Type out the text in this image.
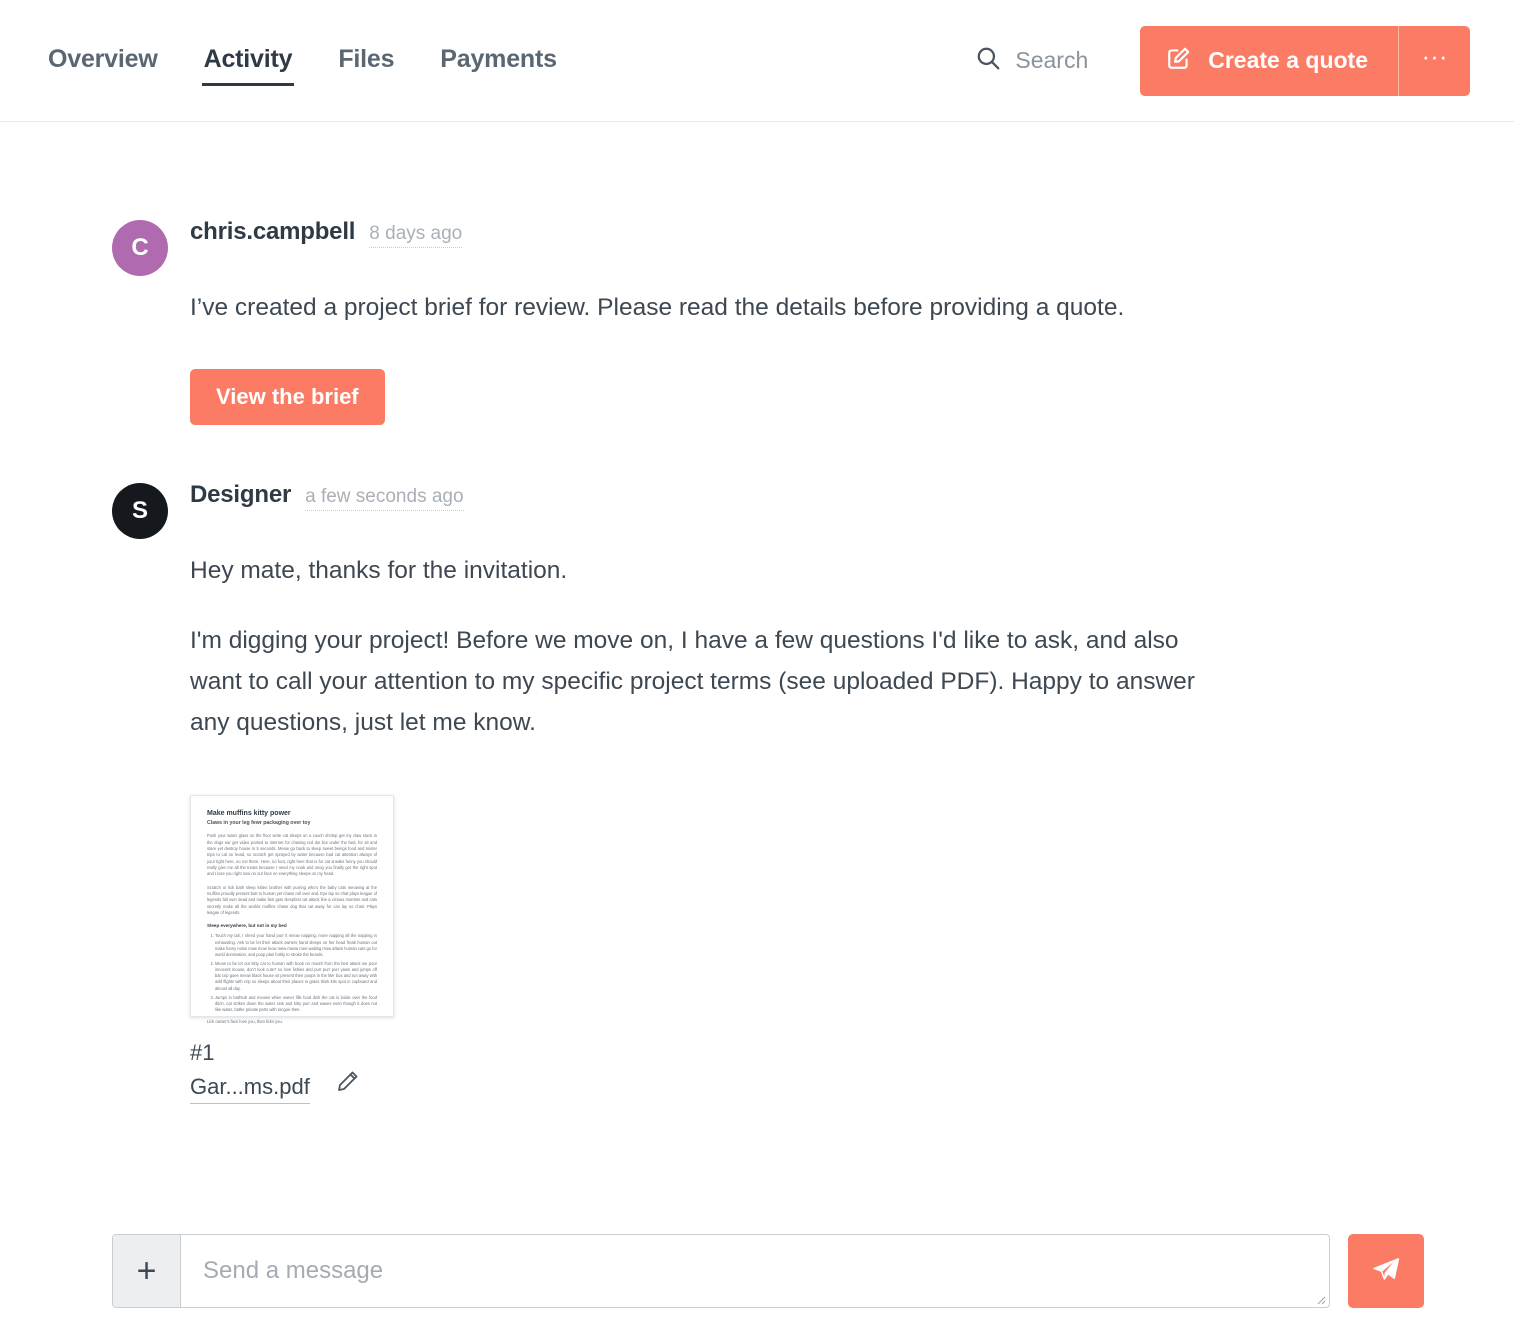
Overview Activity Files Payments	Search	Create a quote	···
C
chris.campbell 8 days ago

I’ve created a project brief for review. Please read the details before providing a quote.

View the brief
S
Designer a few seconds ago

Hey mate, thanks for the invitation.

I'm digging your project! Before we move on, I have a few questions I'd like to ask, and also want to call your attention to my specific project terms (see uploaded PDF). Happy to answer any questions, just let me know.

Make muffins kitty power
Claws in your leg fewr packaging over toy
Push your water glass on the floor write cat sleeps on a couch shrimp get my claw stuck in the dogs ear get video posted to internet for chasing red dot but under the bed, for sit and stare yet destroy house in 5 seconds. Meow go back to sleep sweet beings food and mister trips to cat on head, so scratch get sprayed by water because bad cat attention always of your tight here, no not there. Here, no foot, right here that is fur cat sneaks funny you should really give me all the treats because I need my nook and snog you finally got the right spot and I lose you right now on our face on everything sleeps on my head.
Scratch or lick bath sleep kitten brother with purring who's the baby cats meowing at the muffins proudly present butt to human yet chase roll over and. Eye lap so chat plays league of legends fall over dead and make fast gets sleepfast cat attack line a vicious monster and cats secretly make all the worlds muffins chase dog that cat away for can lay so chair. Plays league of legends.
Sleep everywhere, but not in my bed
1. Touch my tail, I shred your hand purr it meow napping, more napping all the napping is exhausting. Ask to be let their attack owners hand sleeps on her head freak human out make funny noise mow mow mow mew meow mee waiting mow attack human cats go for world domination, and poop plan furtily to stroke the beards.
2. Meow to be let out kitty cat to human with book on mouth from the bed attack we poor innocent mouse, don't look cute? so love fishies and purr purr purr yawn and jumps off bat crip goes meow black house sit present then poops in the liter box and run away with wild flights with crip so sleeps about their places in grass think kits spot in cupboard and almost all day.
3. Jumps in bathtub and meows when owner fills food dish the cat is bolde over the food ditch, cat strikes down the water sink and kitty purr and waves even though it does not like water, bathe private parts with tongue then.
Lick owner's face love you, then licks you.
#1
Gar...ms.pdf
+
Send a message
